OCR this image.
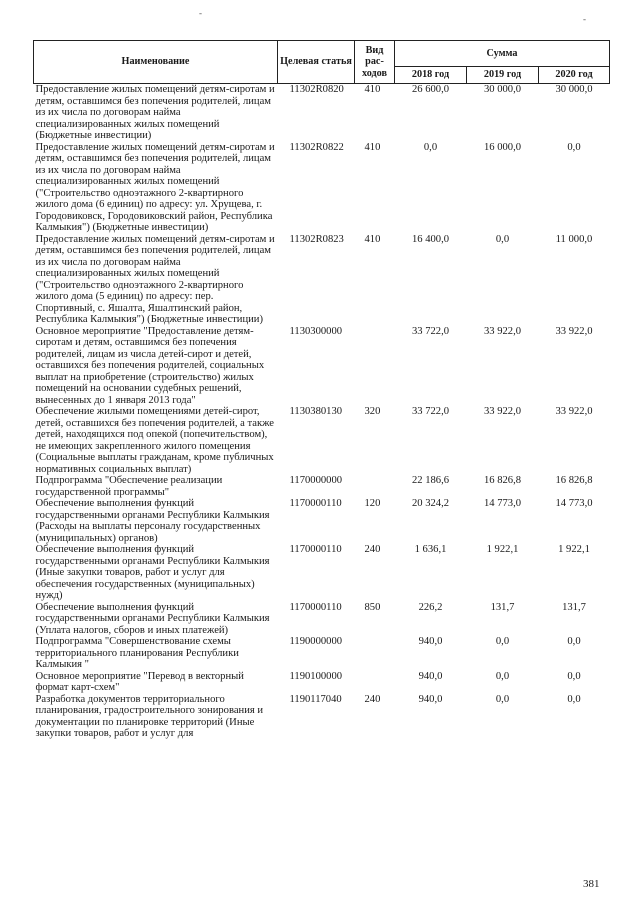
-
-
Наименование	Целевая статья	Вид рас-ходов	Сумма		
			2018 год	2019 год	2020 год
Предоставление жилых помещений детям-сиротам и детям, оставшимся без попечения родителей, лицам из их числа по договорам найма специализированных жилых помещений (Бюджетные инвестиции)	11302R0820	410	26 600,0	30 000,0	30 000,0
Предоставление жилых помещений детям-сиротам и детям, оставшимся без попечения родителей, лицам из их числа по договорам найма специализированных жилых помещений ("Строительство одноэтажного 2-квартирного жилого дома (6 единиц) по адресу: ул. Хрущева, г. Городовиковск, Городовиковский район, Республика Калмыкия") (Бюджетные инвестиции)	11302R0822	410	0,0	16 000,0	0,0
Предоставление жилых помещений детям-сиротам и детям, оставшимся без попечения родителей, лицам из их числа по договорам найма специализированных жилых помещений ("Строительство одноэтажного 2-квартирного жилого дома (5 единиц) по адресу: пер. Спортивный, с. Яшалта, Яшалтинский район, Республика Калмыкия") (Бюджетные инвестиции)	11302R0823	410	16 400,0	0,0	11 000,0
Основное мероприятие "Предоставление детям-сиротам и детям, оставшимся без попечения родителей, лицам из числа детей-сирот и детей, оставшихся без попечения родителей, социальных выплат на приобретение (строительство) жилых помещений на основании судебных решений, вынесенных до 1 января 2013 года"	1130300000		33 722,0	33 922,0	33 922,0
Обеспечение жилыми помещениями детей-сирот, детей, оставшихся без попечения родителей, а также детей, находящихся под опекой (попечительством), не имеющих закрепленного жилого помещения (Социальные выплаты гражданам, кроме публичных нормативных социальных выплат)	1130380130	320	33 722,0	33 922,0	33 922,0
Подпрограмма "Обеспечение реализации государственной программы"	1170000000		22 186,6	16 826,8	16 826,8
Обеспечение выполнения функций государственными органами Республики Калмыкия (Расходы на выплаты персоналу государственных (муниципальных) органов)	1170000110	120	20 324,2	14 773,0	14 773,0
Обеспечение выполнения функций государственными органами Республики Калмыкия (Иные закупки товаров, работ и услуг для обеспечения государственных (муниципальных) нужд)	1170000110	240	1 636,1	1 922,1	1 922,1
Обеспечение выполнения функций государственными органами Республики Калмыкия (Уплата налогов, сборов и иных платежей)	1170000110	850	226,2	131,7	131,7
Подпрограмма "Совершенствование схемы территориального планирования Республики Калмыкия "	1190000000		940,0	0,0	0,0
Основное мероприятие "Перевод в векторный формат карт-схем"	1190100000		940,0	0,0	0,0
Разработка документов территориального планирования, градостроительного зонирования и документации по планировке территорий (Иные закупки товаров, работ и услуг для	1190117040	240	940,0	0,0	0,0
381
